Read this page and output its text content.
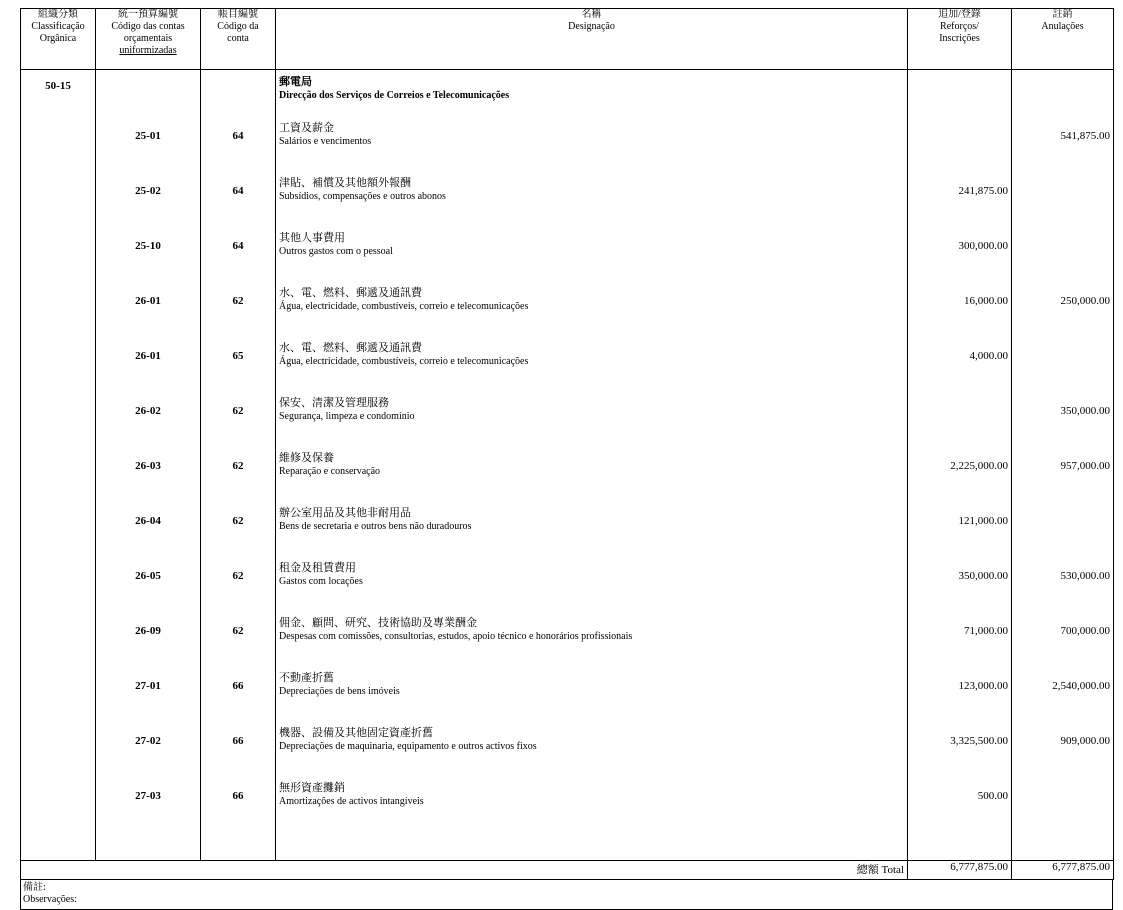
組織分類
Classificação
Orgânica	統一預算編號
Código das contas
orçamentais
uniformizadas	帳目編號
Código da
conta	名稱
Designação	追加/登錄
Reforços/
Inscrições	註銷
Anulações

50-15			郵電局
Direcção dos Serviços de Correios e Telecomunicações		

	25-01	64	工資及薪金
Salários e vencimentos		541,875.00
	25-02	64	津貼、補償及其他額外報酬
Subsídios, compensações e outros abonos	241,875.00	
	25-10	64	其他人事費用
Outros gastos com o pessoal	300,000.00	
	26-01	62	水、電、燃料、郵遞及通訊費
Água, electricidade, combustíveis, correio e telecomunicações	16,000.00	250,000.00
	26-01	65	水、電、燃料、郵遞及通訊費
Água, electricidade, combustíveis, correio e telecomunicações	4,000.00	
	26-02	62	保安、清潔及管理服務
Segurança, limpeza e condomínio		350,000.00
	26-03	62	維修及保養
Reparação e conservação	2,225,000.00	957,000.00
	26-04	62	辦公室用品及其他非耐用品
Bens de secretaria e outros bens não duradouros	121,000.00	
	26-05	62	租金及租賃費用
Gastos com locações	350,000.00	530,000.00
	26-09	62	佣金、顧問、研究、技術協助及專業酬金
Despesas com comissões, consultorias, estudos, apoio técnico e honorários profissionais	71,000.00	700,000.00
	27-01	66	不動產折舊
Depreciações de bens imóveis	123,000.00	2,540,000.00
	27-02	66	機器、設備及其他固定資產折舊
Depreciações de maquinaria, equipamento e outros activos fixos	3,325,500.00	909,000.00
	27-03	66	無形資產攤銷
Amortizações de activos intangíveis	500.00	

總額 Total				6,777,875.00	6,777,875.00
備註:
Observações:
